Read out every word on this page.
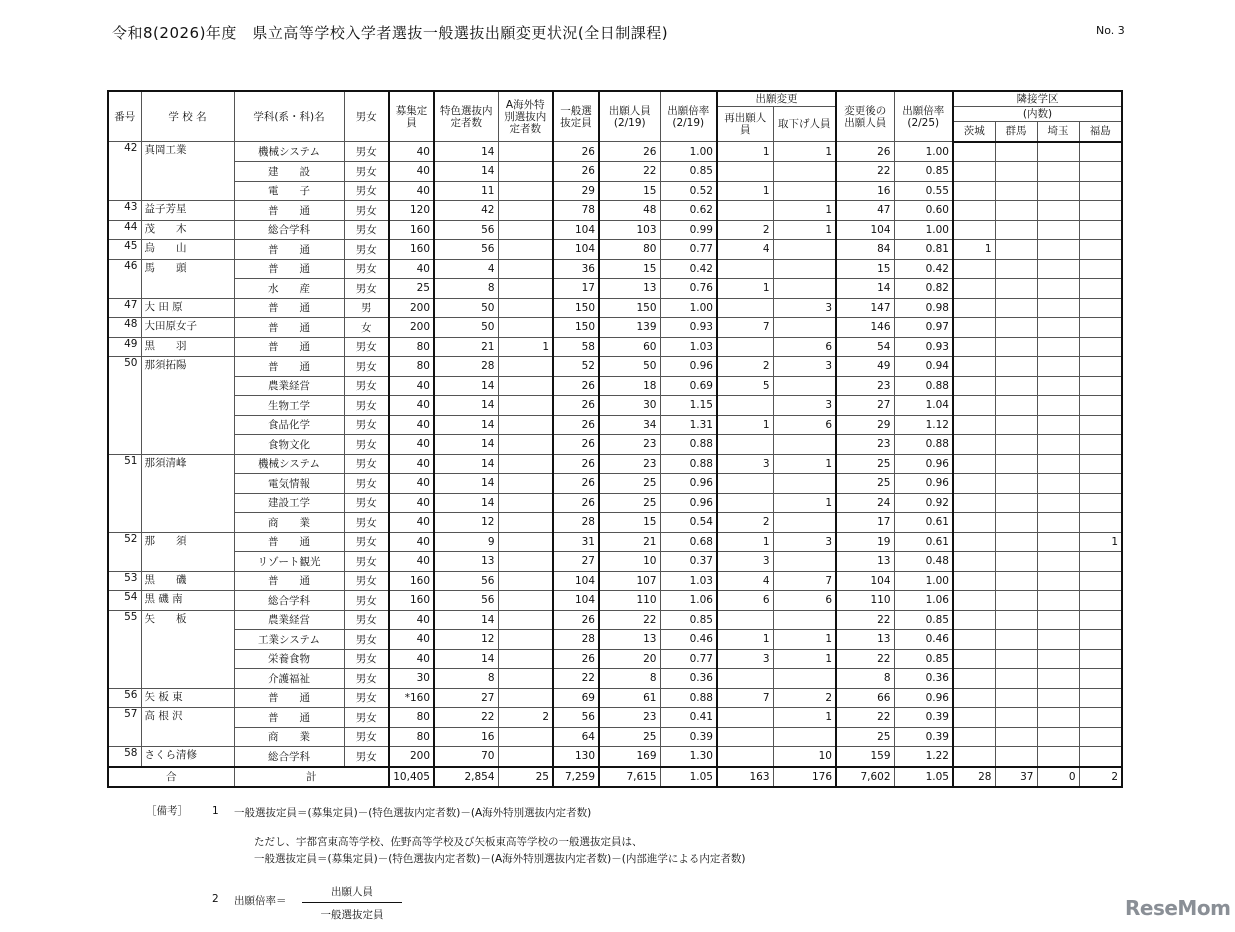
令和8(2026)年度　県立高等学校入学者選抜一般選抜出願変更状況(全日制課程)	No. 3
番号	学 校 名	学科(系・科)名	男女	募集定員	特色選抜内定者数	A海外特別選抜内定者数	一般選抜定員	出願人員(2/19)	出願倍率(2/19)	出願変更		変更後の出願人員	出願倍率(2/25)	隣接学区			
										再出願人員	取下げ人員			(内数)			
														茨城	群馬	埼玉	福島
42	真岡工業	機械システム	男女	40	14		26	26	1.00	1	1	26	1.00				
		建　　設	男女	40	14		26	22	0.85			22	0.85				
		電　　子	男女	40	11		29	15	0.52	1		16	0.55				
43	益子芳星	普　　通	男女	120	42		78	48	0.62		1	47	0.60				
44	茂　　木	総合学科	男女	160	56		104	103	0.99	2	1	104	1.00				
45	烏　　山	普　　通	男女	160	56		104	80	0.77	4		84	0.81	1			
46	馬　　頭	普　　通	男女	40	4		36	15	0.42			15	0.42				
		水　　産	男女	25	8		17	13	0.76	1		14	0.82				
47	大 田 原	普　　通	男	200	50		150	150	1.00		3	147	0.98				
48	大田原女子	普　　通	女	200	50		150	139	0.93	7		146	0.97				
49	黒　　羽	普　　通	男女	80	21	1	58	60	1.03		6	54	0.93				
50	那須拓陽	普　　通	男女	80	28		52	50	0.96	2	3	49	0.94				
		農業経営	男女	40	14		26	18	0.69	5		23	0.88				
		生物工学	男女	40	14		26	30	1.15		3	27	1.04				
		食品化学	男女	40	14		26	34	1.31	1	6	29	1.12				
		食物文化	男女	40	14		26	23	0.88			23	0.88				
51	那須清峰	機械システム	男女	40	14		26	23	0.88	3	1	25	0.96				
		電気情報	男女	40	14		26	25	0.96			25	0.96				
		建設工学	男女	40	14		26	25	0.96		1	24	0.92				
		商　　業	男女	40	12		28	15	0.54	2		17	0.61				
52	那　　須	普　　通	男女	40	9		31	21	0.68	1	3	19	0.61				1
		リゾート観光	男女	40	13		27	10	0.37	3		13	0.48				
53	黒　　磯	普　　通	男女	160	56		104	107	1.03	4	7	104	1.00				
54	黒 磯 南	総合学科	男女	160	56		104	110	1.06	6	6	110	1.06				
55	矢　　板	農業経営	男女	40	14		26	22	0.85			22	0.85				
		工業システム	男女	40	12		28	13	0.46	1	1	13	0.46				
		栄養食物	男女	40	14		26	20	0.77	3	1	22	0.85				
		介護福祉	男女	30	8		22	8	0.36			8	0.36				
56	矢 板 東	普　　通	男女	*160	27		69	61	0.88	7	2	66	0.96				
57	高 根 沢	普　　通	男女	80	22	2	56	23	0.41		1	22	0.39				
		商　　業	男女	80	16		64	25	0.39			25	0.39				
58	さくら清修	総合学科	男女	200	70		130	169	1.30		10	159	1.22				
合		計		10,405	2,854	25	7,259	7,615	1.05	163	176	7,602	1.05	28	37	0	2
［備考］ 1 一般選抜定員＝(募集定員)－(特色選抜内定者数)－(A海外特別選抜内定者数)
ただし、宇都宮東高等学校、佐野高等学校及び矢板東高等学校の一般選抜定員は、
一般選抜定員＝(募集定員)－(特色選抜内定者数)－(A海外特別選抜内定者数)－(内部進学による内定者数)
2 出願倍率＝
出願人員
一般選抜定員	ReseMom
